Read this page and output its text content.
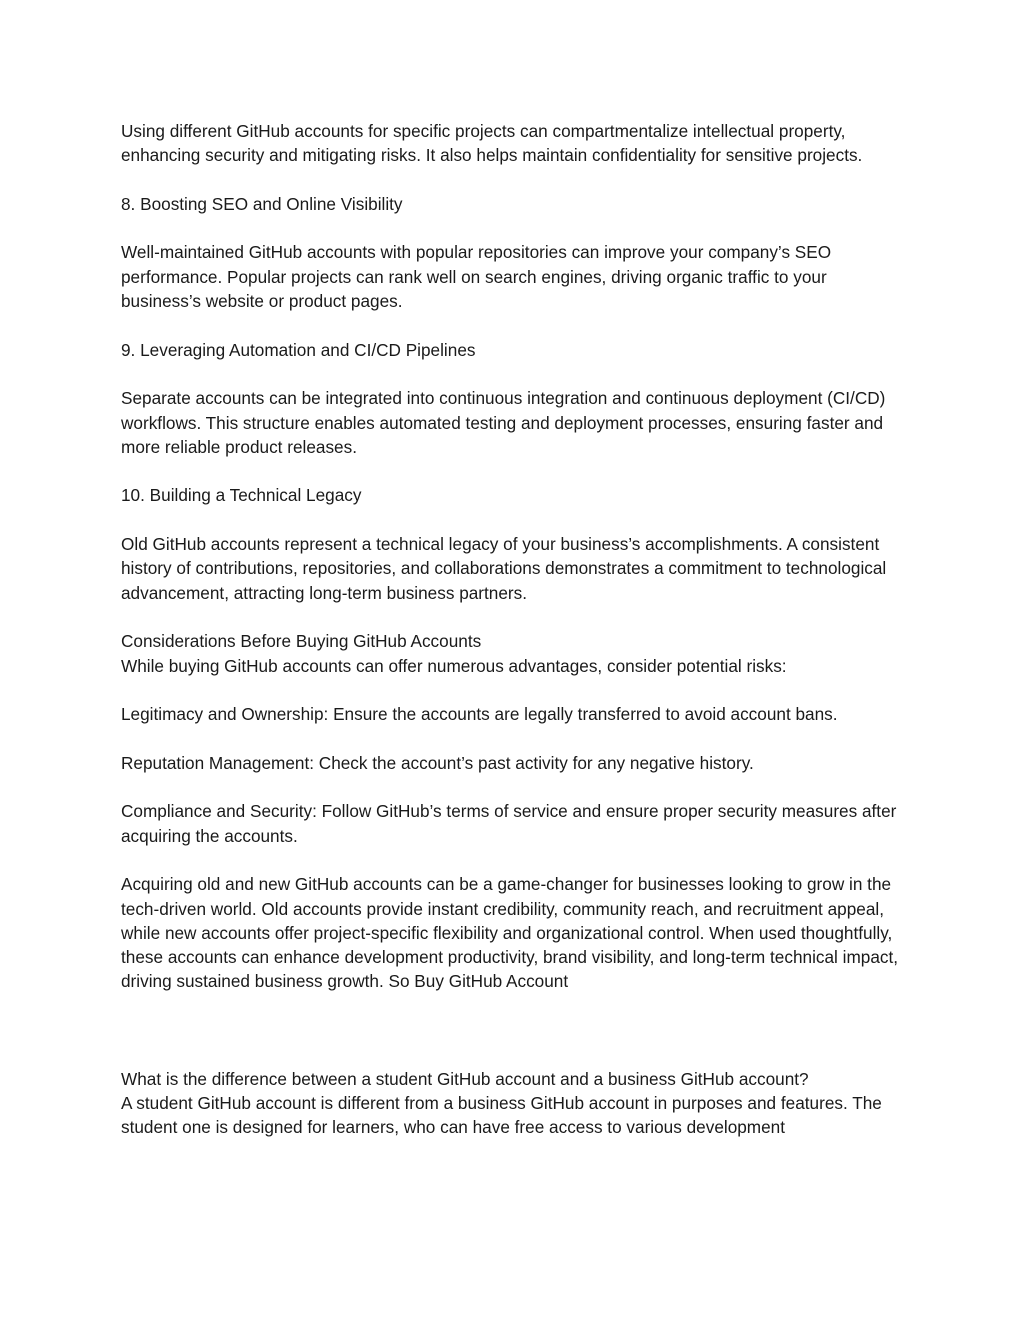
Using different GitHub accounts for specific projects can compartmentalize intellectual property, enhancing security and mitigating risks. It also helps maintain confidentiality for sensitive projects.

8. Boosting SEO and Online Visibility

Well-maintained GitHub accounts with popular repositories can improve your company’s SEO performance. Popular projects can rank well on search engines, driving organic traffic to your business’s website or product pages.

9. Leveraging Automation and CI/CD Pipelines

Separate accounts can be integrated into continuous integration and continuous deployment (CI/CD) workflows. This structure enables automated testing and deployment processes, ensuring faster and more reliable product releases.

10. Building a Technical Legacy

Old GitHub accounts represent a technical legacy of your business’s accomplishments. A consistent history of contributions, repositories, and collaborations demonstrates a commitment to technological advancement, attracting long-term business partners.

Considerations Before Buying GitHub Accounts

While buying GitHub accounts can offer numerous advantages, consider potential risks:

Legitimacy and Ownership: Ensure the accounts are legally transferred to avoid account bans.

Reputation Management: Check the account’s past activity for any negative history.

Compliance and Security: Follow GitHub’s terms of service and ensure proper security measures after acquiring the accounts.

Acquiring old and new GitHub accounts can be a game-changer for businesses looking to grow in the tech-driven world. Old accounts provide instant credibility, community reach, and recruitment appeal, while new accounts offer project-specific flexibility and organizational control. When used thoughtfully, these accounts can enhance development productivity, brand visibility, and long-term technical impact, driving sustained business growth. So Buy GitHub Account

What is the difference between a student GitHub account and a business GitHub account?

A student GitHub account is different from a business GitHub account in purposes and features. The student one is designed for learners, who can have free access to various development
